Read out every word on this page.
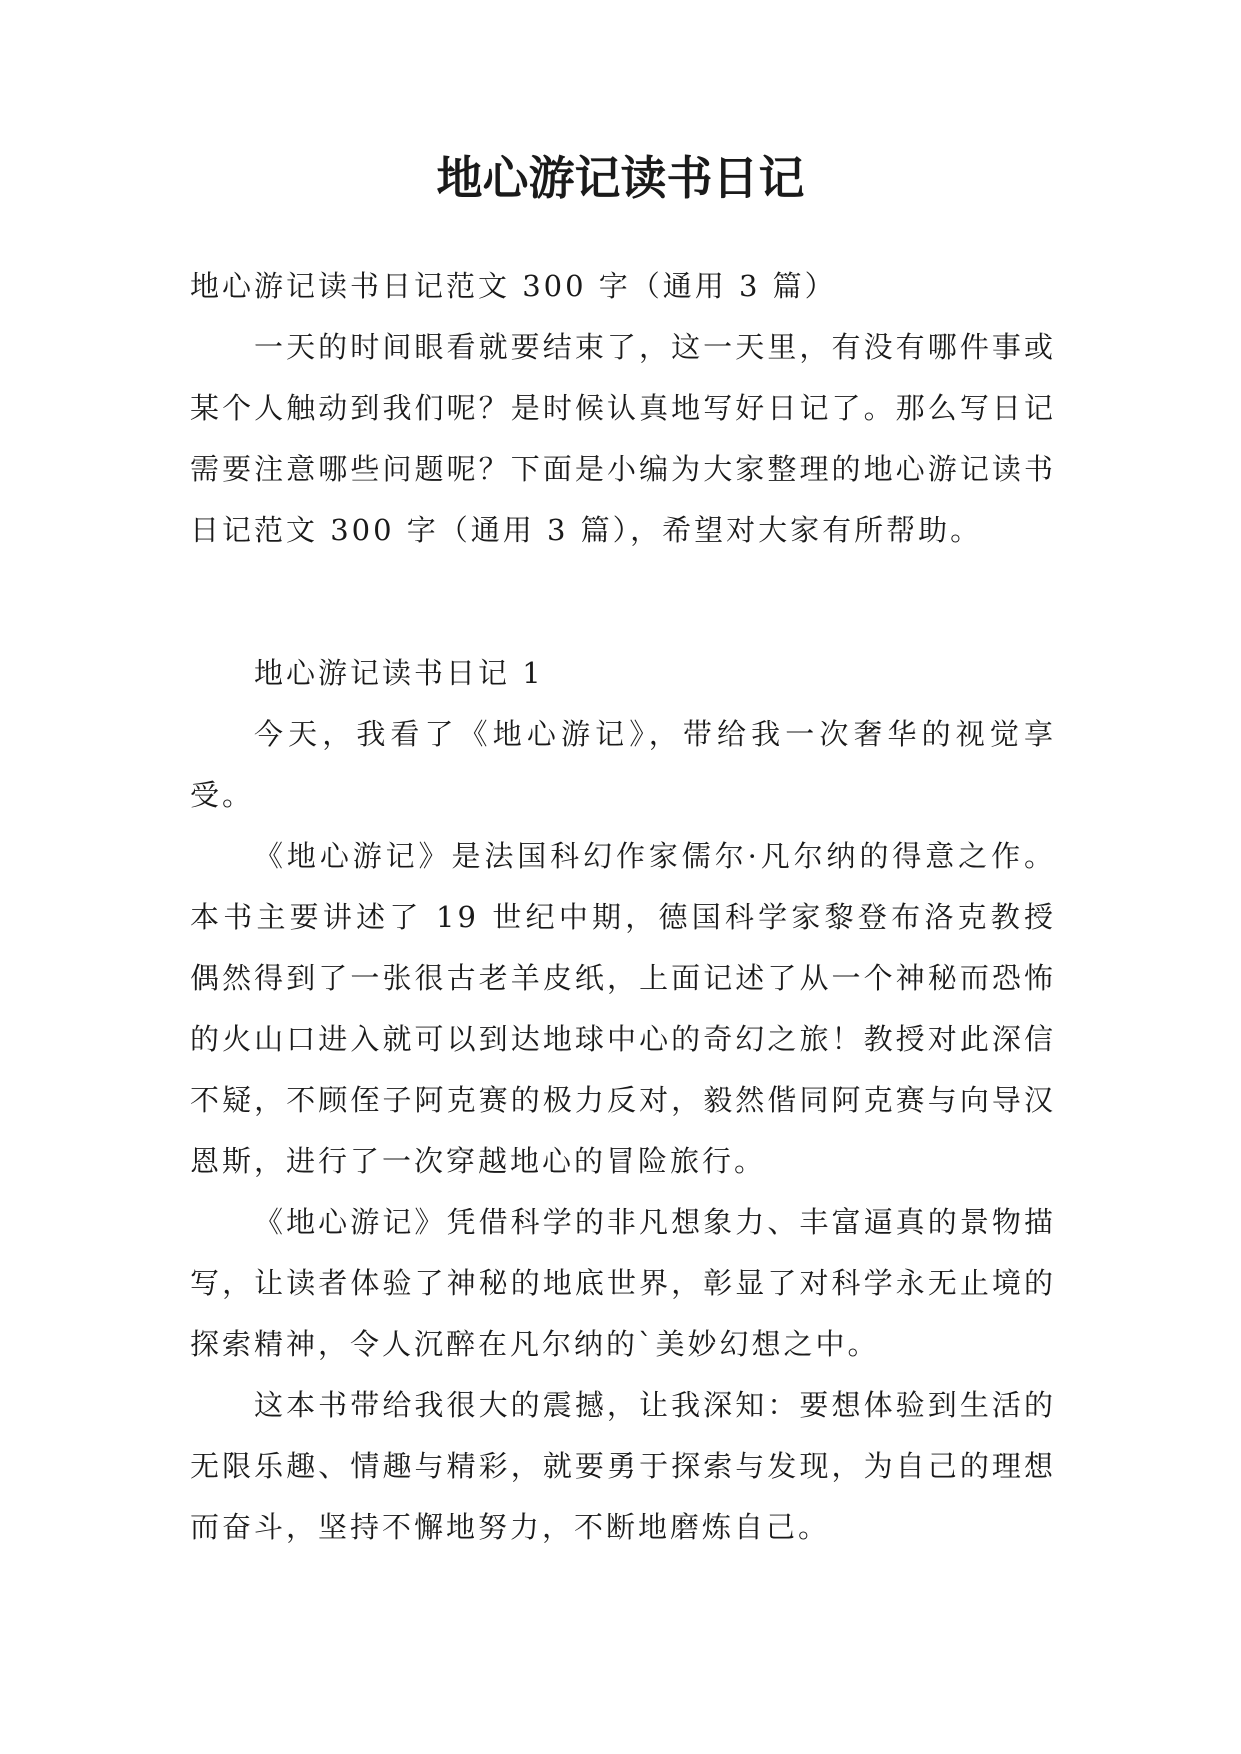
地心游记读书日记

地心游记读书日记范文 300 字（通用 3 篇）

一天的时间眼看就要结束了，这一天里，有没有哪件事或某个人触动到我们呢？是时候认真地写好日记了。那么写日记需要注意哪些问题呢？下面是小编为大家整理的地心游记读书日记范文 300 字（通用 3 篇），希望对大家有所帮助。

地心游记读书日记 1

今天，我看了《地心游记》，带给我一次奢华的视觉享受。

《地心游记》是法国科幻作家儒尔·凡尔纳的得意之作。本书主要讲述了 19 世纪中期，德国科学家黎登布洛克教授偶然得到了一张很古老羊皮纸，上面记述了从一个神秘而恐怖的火山口进入就可以到达地球中心的奇幻之旅！教授对此深信不疑，不顾侄子阿克赛的极力反对，毅然偕同阿克赛与向导汉恩斯，进行了一次穿越地心的冒险旅行。

《地心游记》凭借科学的非凡想象力、丰富逼真的景物描写，让读者体验了神秘的地底世界，彰显了对科学永无止境的探索精神，令人沉醉在凡尔纳的`美妙幻想之中。

这本书带给我很大的震撼，让我深知：要想体验到生活的无限乐趣、情趣与精彩，就要勇于探索与发现，为自己的理想而奋斗，坚持不懈地努力，不断地磨炼自己。
